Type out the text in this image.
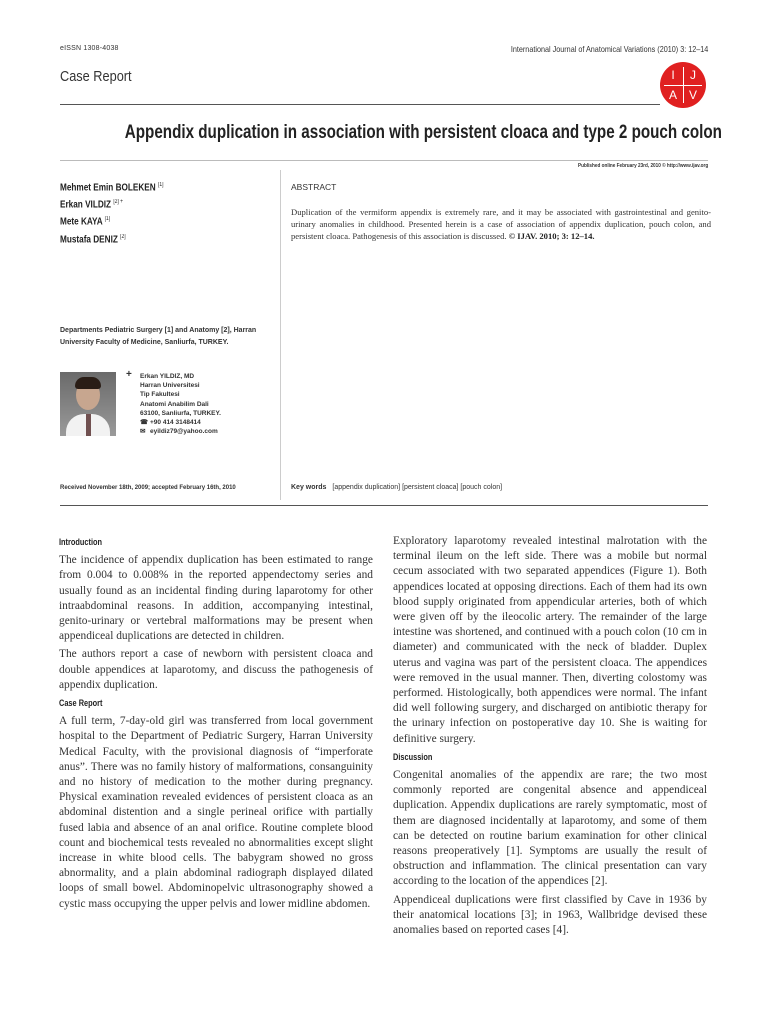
eISSN 1308-4038	International Journal of Anatomical Variations (2010) 3: 12–14
Case Report	I	J
A V
Appendix duplication in association with persistent cloaca and type 2 pouch colon
Published online February 23rd, 2010 © http://www.ijav.org
Mehmet Emin BOLEKEN [1]
Erkan VILDIZ $^{[2] +}$
Mete KAYA [1]
Mustafa DENIZ [2]
Departments Pediatric Surgery [1] and Anatomy [2], Harran University Faculty of Medicine, Sanliurfa, TURKEY.
+ Erkan YILDIZ, MD
Harran Universitesi
Tip Fakultesi
Anatomi Anabilim Dali
63100, Sanliurfa, TURKEY.
☎ +90 414 3148414
✉ eyildiz79@yahoo.com
Received November 18th, 2009; accepted February 16th, 2010
ABSTRACT
Duplication of the vermiform appendix is extremely rare, and it may be associated with gastrointestinal and genito-urinary anomalies in childhood. Presented herein is a case of association of appendix duplication, pouch colon, and persistent cloaca. Pathogenesis of this association is discussed. © IJAV. 2010; 3: 12–14.
Key words [appendix duplication] [persistent cloaca] [pouch colon]
Introduction

The incidence of appendix duplication has been estimated to range from 0.004 to 0.008% in the reported appendectomy series and usually found as an incidental finding during laparotomy for other intraabdominal reasons. In addition, accompanying intestinal, genito-urinary or vertebral malformations may be present when appendiceal duplications are detected in children.

The authors report a case of newborn with persistent cloaca and double appendices at laparotomy, and discuss the pathogenesis of appendix duplication.

Case Report

A full term, 7-day-old girl was transferred from local government hospital to the Department of Pediatric Surgery, Harran University Medical Faculty, with the provisional diagnosis of “imperforate anus”. There was no family history of malformations, consanguinity and no history of medication to the mother during pregnancy. Physical examination revealed evidences of persistent cloaca as an abdominal distention and a single perineal orifice with partially fused labia and absence of an anal orifice. Routine complete blood count and biochemical tests revealed no abnormalities except slight increase in white blood cells. The babygram showed no gross abnormality, and a plain abdominal radiograph displayed dilated loops of small bowel. Abdominopelvic ultrasonography showed a cystic mass occupying the upper pelvis and lower midline abdomen.

Exploratory laparotomy revealed intestinal malrotation with the terminal ileum on the left side. There was a mobile but normal cecum associated with two separated appendices (Figure 1). Both appendices located at opposing directions. Each of them had its own blood supply originated from appendicular arteries, both of which were given off by the ileocolic artery. The remainder of the large intestine was shortened, and continued with a pouch colon (10 cm in diameter) and communicated with the neck of bladder. Duplex uterus and vagina was part of the persistent cloaca. The appendices were removed in the usual manner. Then, diverting colostomy was performed. Histologically, both appendices were normal. The infant did well following surgery, and discharged on antibiotic therapy for the urinary infection on postoperative day 10. She is waiting for definitive surgery.

Discussion

Congenital anomalies of the appendix are rare; the two most commonly reported are congenital absence and appendiceal duplication. Appendix duplications are rarely symptomatic, most of them are diagnosed incidentally at laparotomy, and some of them can be detected on routine barium examination for other clinical reasons preoperatively [1]. Symptoms are usually the result of obstruction and inflammation. The clinical presentation can vary according to the location of the appendices [2].

Appendiceal duplications were first classified by Cave in 1936 by their anatomical locations [3]; in 1963, Wallbridge devised these anomalies based on reported cases [4].
